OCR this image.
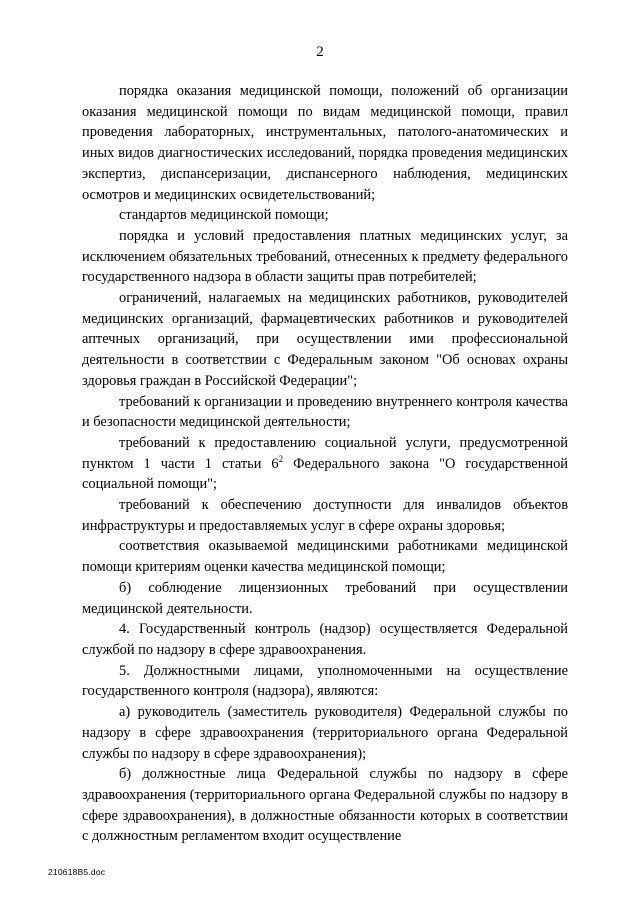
2

порядка оказания медицинской помощи, положений об организации оказания медицинской помощи по видам медицинской помощи, правил проведения лабораторных, инструментальных, патолого-анатомических и иных видов диагностических исследований, порядка проведения медицинских экспертиз, диспансеризации, диспансерного наблюдения, медицинских осмотров и медицинских освидетельствований;

стандартов медицинской помощи;

порядка и условий предоставления платных медицинских услуг, за исключением обязательных требований, отнесенных к предмету федерального государственного надзора в области защиты прав потребителей;

ограничений, налагаемых на медицинских работников, руководителей медицинских организаций, фармацевтических работников и руководителей аптечных организаций, при осуществлении ими профессиональной деятельности в соответствии с Федеральным законом "Об основах охраны здоровья граждан в Российской Федерации";

требований к организации и проведению внутреннего контроля качества и безопасности медицинской деятельности;

требований к предоставлению социальной услуги, предусмотренной пунктом 1 части 1 статьи $6^2$ Федерального закона "О государственной социальной помощи";

требований к обеспечению доступности для инвалидов объектов инфраструктуры и предоставляемых услуг в сфере охраны здоровья;

соответствия оказываемой медицинскими работниками медицинской помощи критериям оценки качества медицинской помощи;

б) соблюдение лицензионных требований при осуществлении медицинской деятельности.

4. Государственный контроль (надзор) осуществляется Федеральной службой по надзору в сфере здравоохранения.

5. Должностными лицами, уполномоченными на осуществление государственного контроля (надзора), являются:

а) руководитель (заместитель руководителя) Федеральной службы по надзору в сфере здравоохранения (территориального органа Федеральной службы по надзору в сфере здравоохранения);

б) должностные лица Федеральной службы по надзору в сфере здравоохранения (территориального органа Федеральной службы по надзору в сфере здравоохранения), в должностные обязанности которых в соответствии с должностным регламентом входит осуществление

210618B5.doc
